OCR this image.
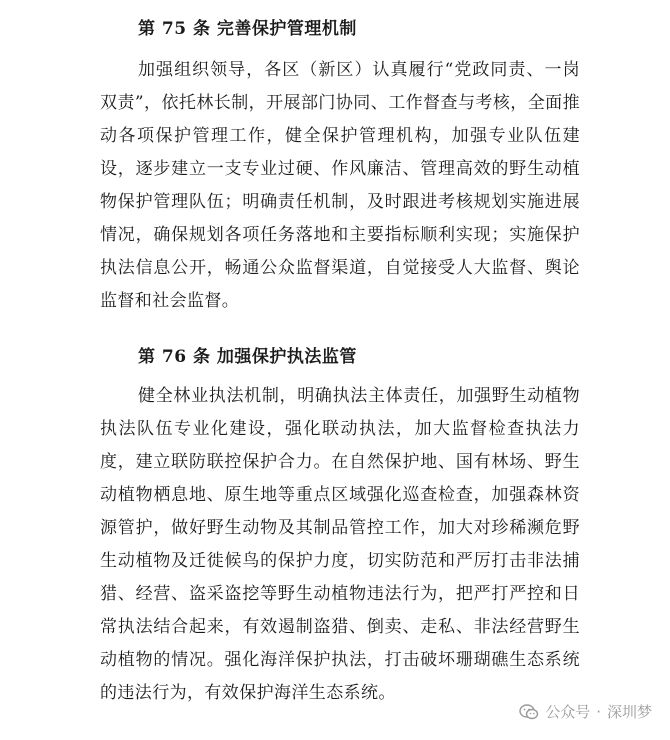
第 75 条 完善保护管理机制
加强组织领导，各区（新区）认真履行“党政同责、一岗双责”，依托林长制，开展部门协同、工作督查与考核，全面推动各项保护管理工作，健全保护管理机构，加强专业队伍建设，逐步建立一支专业过硬、作风廉洁、管理高效的野生动植物保护管理队伍；明确责任机制，及时跟进考核规划实施进展情况，确保规划各项任务落地和主要指标顺利实现；实施保护执法信息公开，畅通公众监督渠道，自觉接受人大监督、舆论监督和社会监督。
第 76 条 加强保护执法监管
健全林业执法机制，明确执法主体责任，加强野生动植物执法队伍专业化建设，强化联动执法，加大监督检查执法力度，建立联防联控保护合力。在自然保护地、国有林场、野生动植物栖息地、原生地等重点区域强化巡查检查，加强森林资源管护，做好野生动物及其制品管控工作，加大对珍稀濒危野生动植物及迁徙候鸟的保护力度，切实防范和严厉打击非法捕猎、经营、盗采盗挖等野生动植物违法行为，把严打严控和日常执法结合起来，有效遏制盗猎、倒卖、走私、非法经营野生动植物的情况。强化海洋保护执法，打击破坏珊瑚礁生态系统的违法行为，有效保护海洋生态系统。
公众号 · 深圳梦
